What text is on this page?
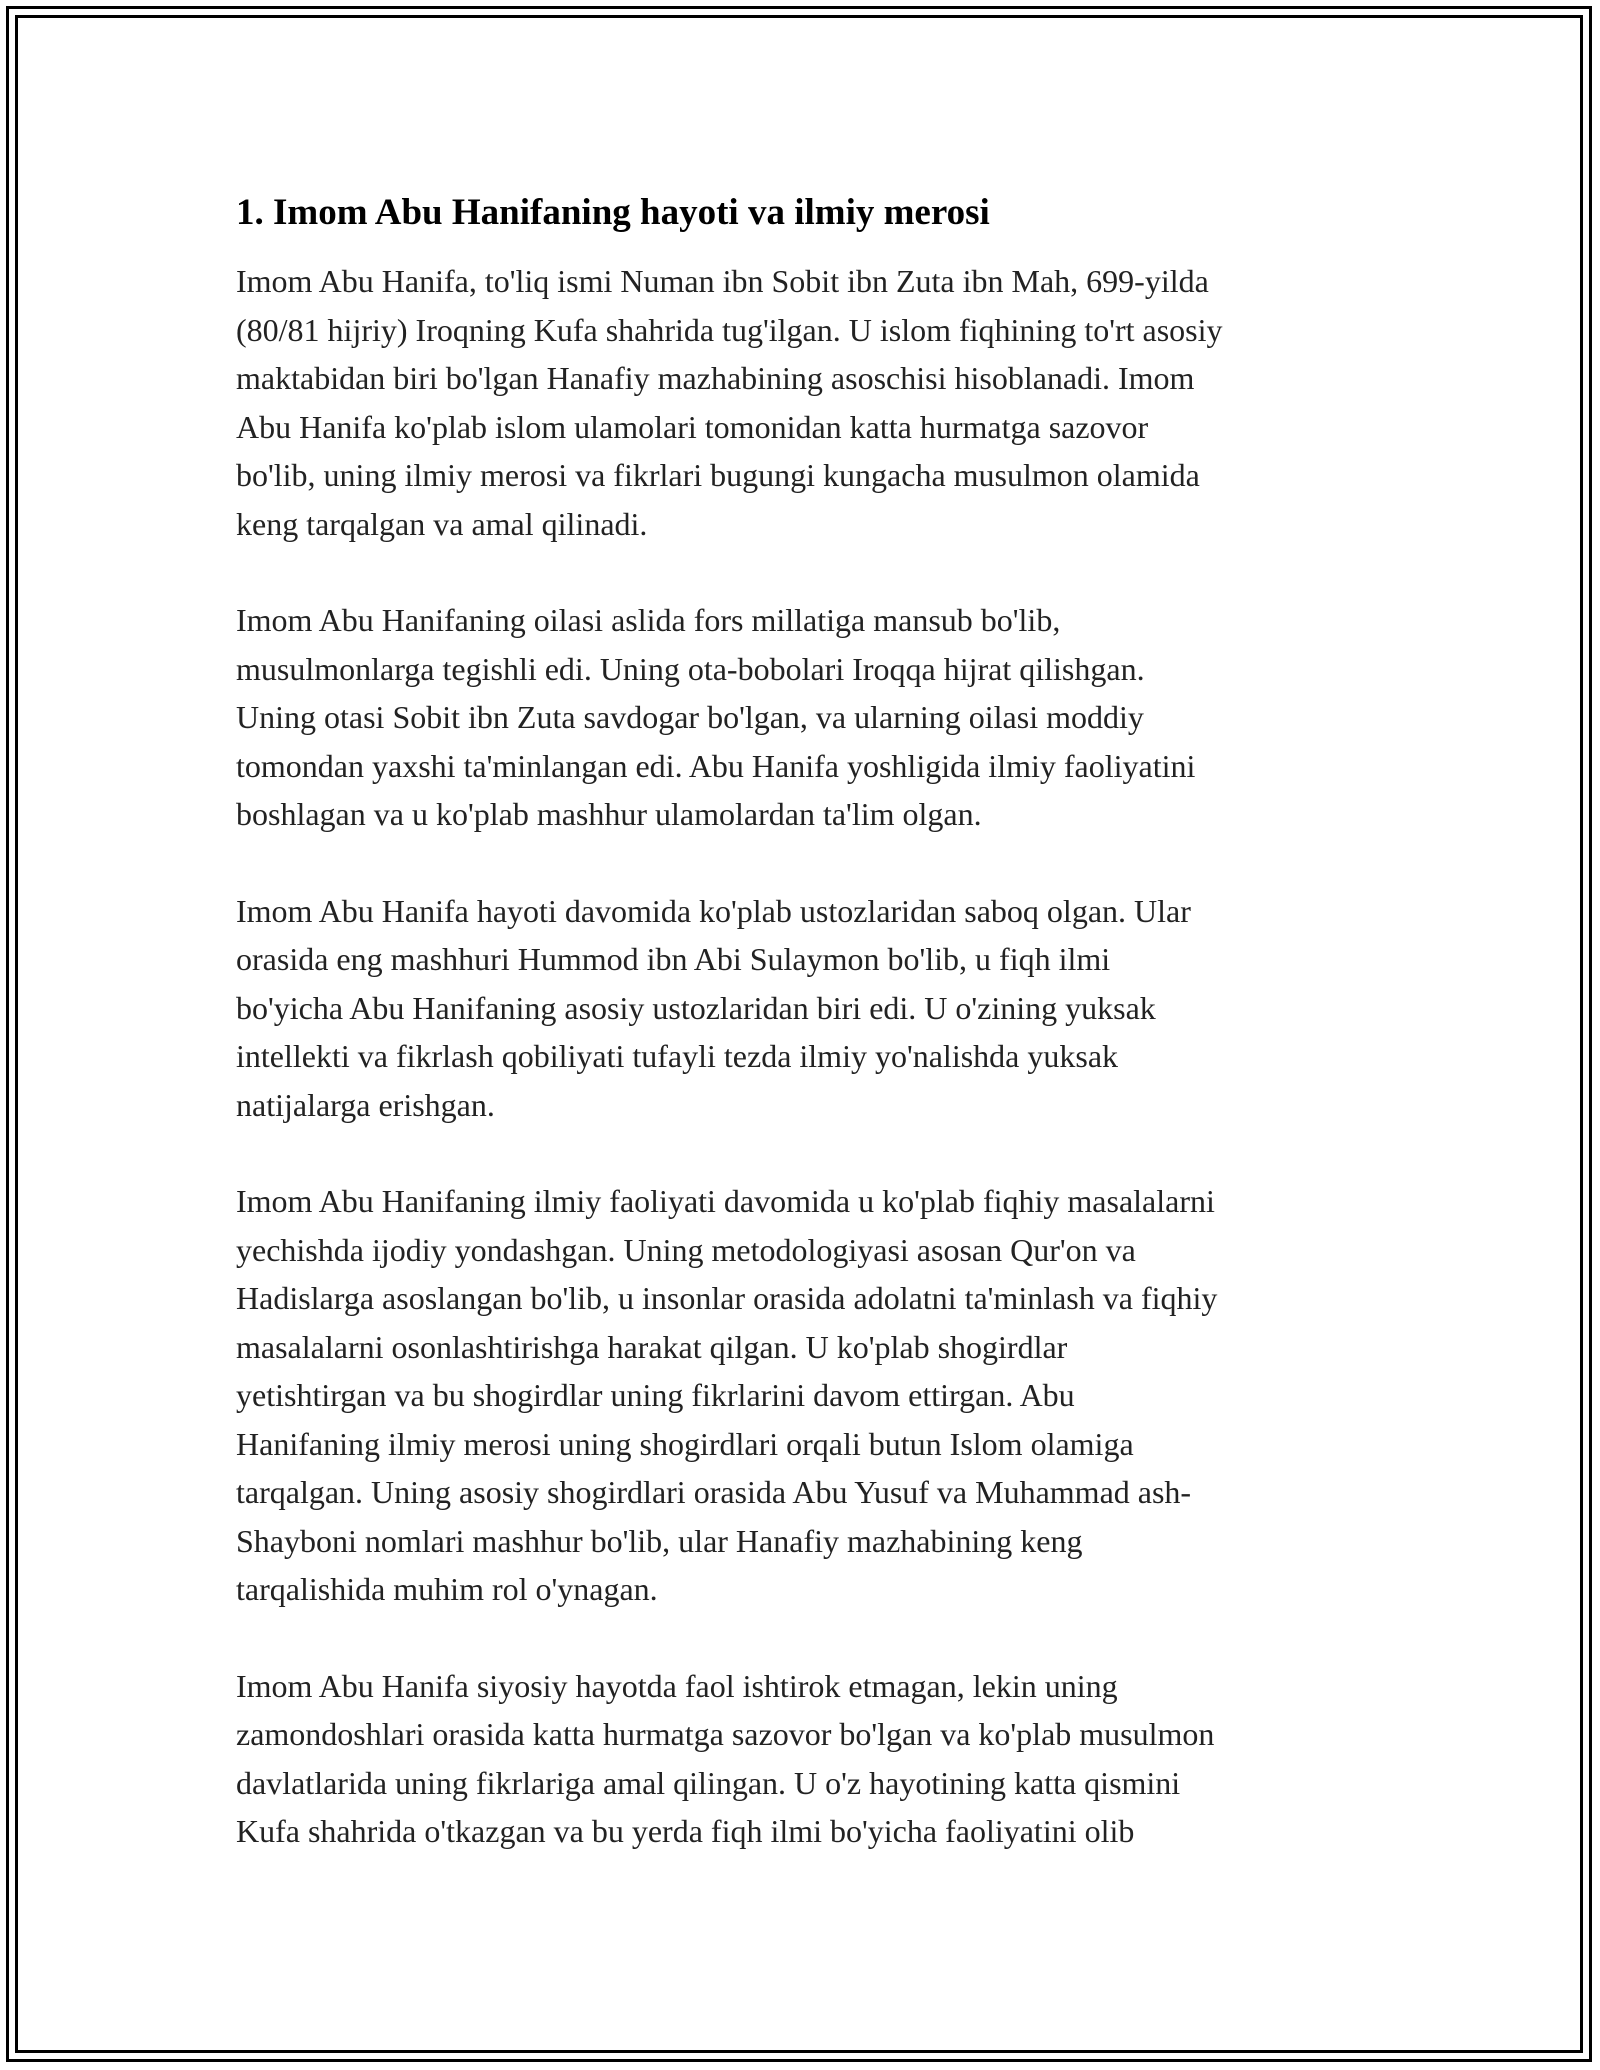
1. Imom Abu Hanifaning hayoti va ilmiy merosi

Imom Abu Hanifa, to'liq ismi Numan ibn Sobit ibn Zuta ibn Mah, 699-yilda
(80/81 hijriy) Iroqning Kufa shahrida tug'ilgan. U islom fiqhining to'rt asosiy
maktabidan biri bo'lgan Hanafiy mazhabining asoschisi hisoblanadi. Imom
Abu Hanifa ko'plab islom ulamolari tomonidan katta hurmatga sazovor
bo'lib, uning ilmiy merosi va fikrlari bugungi kungacha musulmon olamida
keng tarqalgan va amal qilinadi.

Imom Abu Hanifaning oilasi aslida fors millatiga mansub bo'lib,
musulmonlarga tegishli edi. Uning ota-bobolari Iroqqa hijrat qilishgan.
Uning otasi Sobit ibn Zuta savdogar bo'lgan, va ularning oilasi moddiy
tomondan yaxshi ta'minlangan edi. Abu Hanifa yoshligida ilmiy faoliyatini
boshlagan va u ko'plab mashhur ulamolardan ta'lim olgan.

Imom Abu Hanifa hayoti davomida ko'plab ustozlaridan saboq olgan. Ular
orasida eng mashhuri Hummod ibn Abi Sulaymon bo'lib, u fiqh ilmi
bo'yicha Abu Hanifaning asosiy ustozlaridan biri edi. U o'zining yuksak
intellekti va fikrlash qobiliyati tufayli tezda ilmiy yo'nalishda yuksak
natijalarga erishgan.

Imom Abu Hanifaning ilmiy faoliyati davomida u ko'plab fiqhiy masalalarni
yechishda ijodiy yondashgan. Uning metodologiyasi asosan Qur'on va
Hadislarga asoslangan bo'lib, u insonlar orasida adolatni ta'minlash va fiqhiy
masalalarni osonlashtirishga harakat qilgan. U ko'plab shogirdlar
yetishtirgan va bu shogirdlar uning fikrlarini davom ettirgan. Abu
Hanifaning ilmiy merosi uning shogirdlari orqali butun Islom olamiga
tarqalgan. Uning asosiy shogirdlari orasida Abu Yusuf va Muhammad ash-
Shayboni nomlari mashhur bo'lib, ular Hanafiy mazhabining keng
tarqalishida muhim rol o'ynagan.

Imom Abu Hanifa siyosiy hayotda faol ishtirok etmagan, lekin uning
zamondoshlari orasida katta hurmatga sazovor bo'lgan va ko'plab musulmon
davlatlarida uning fikrlariga amal qilingan. U o'z hayotining katta qismini
Kufa shahrida o'tkazgan va bu yerda fiqh ilmi bo'yicha faoliyatini olib
